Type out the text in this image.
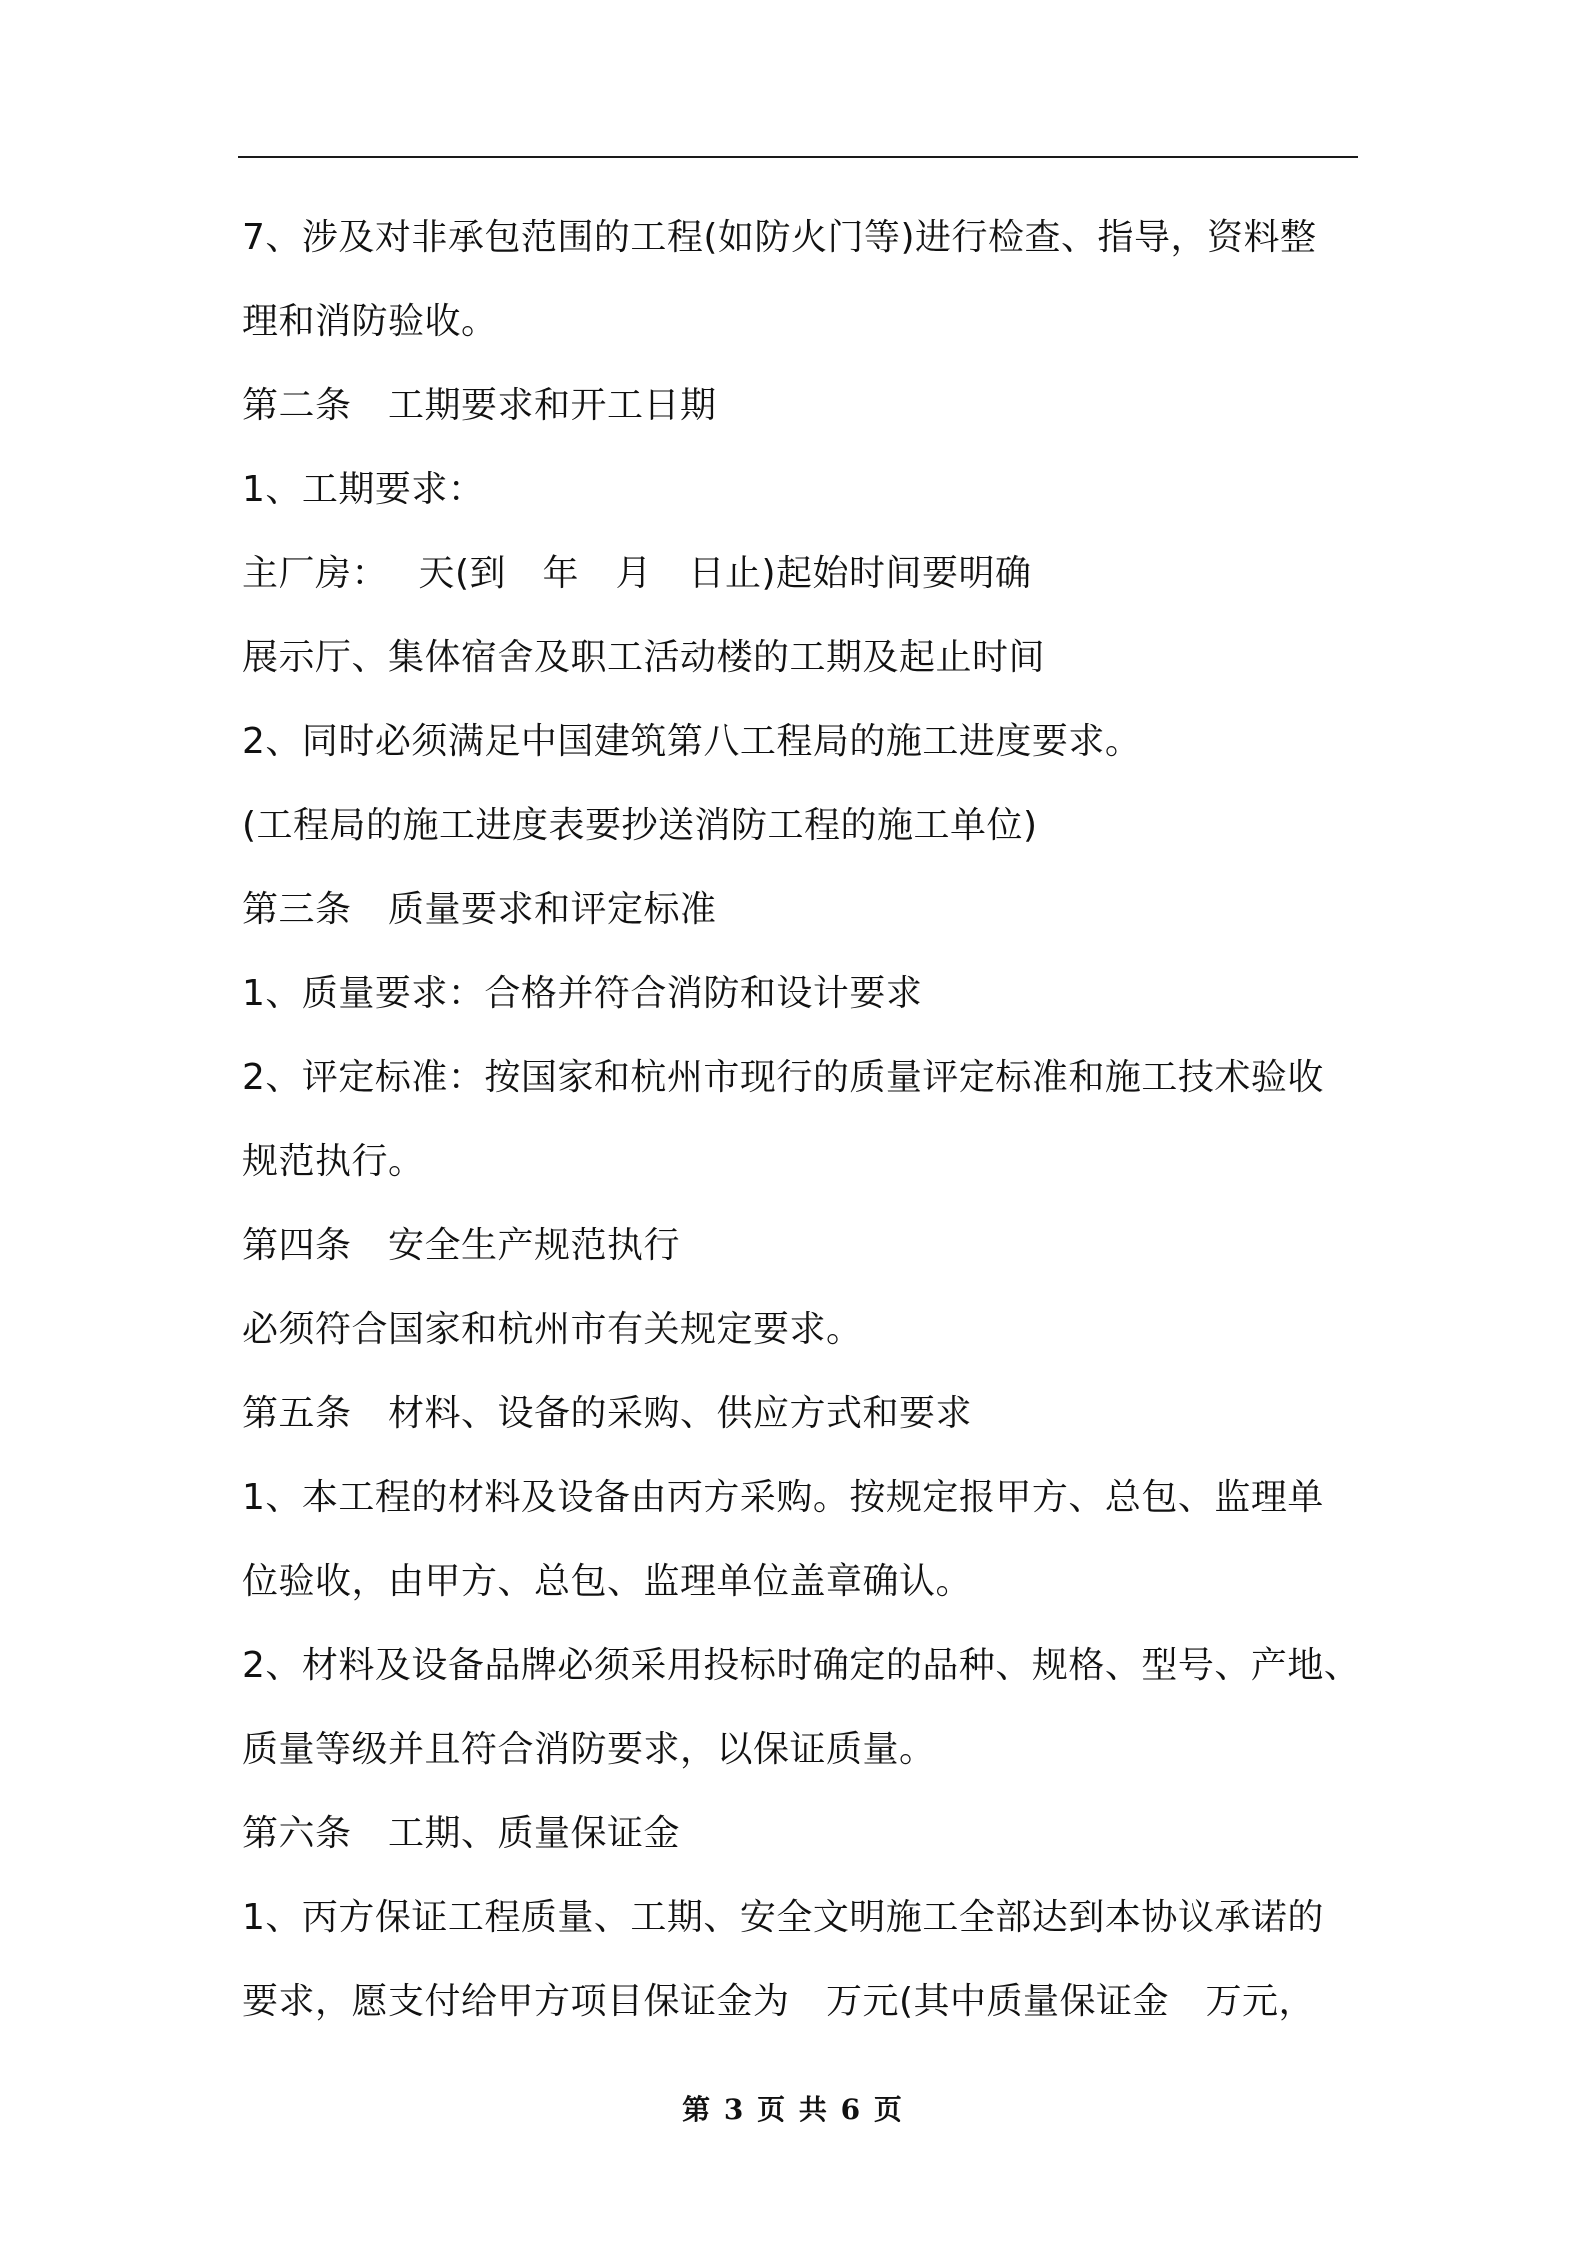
7、涉及对非承包范围的工程(如防火门等)进行检查、指导，资料整
理和消防验收。
第二条　工期要求和开工日期
1、工期要求：
主厂房：　 天(到　年　月　日止)起始时间要明确
展示厅、集体宿舍及职工活动楼的工期及起止时间
2、同时必须满足中国建筑第八工程局的施工进度要求。
(工程局的施工进度表要抄送消防工程的施工单位)
第三条　质量要求和评定标准
1、质量要求：合格并符合消防和设计要求
2、评定标准：按国家和杭州市现行的质量评定标准和施工技术验收
规范执行。
第四条　安全生产规范执行
必须符合国家和杭州市有关规定要求。
第五条　材料、设备的采购、供应方式和要求
1、本工程的材料及设备由丙方采购。按规定报甲方、总包、监理单
位验收，由甲方、总包、监理单位盖章确认。
2、材料及设备品牌必须采用投标时确定的品种、规格、型号、产地、
质量等级并且符合消防要求，以保证质量。
第六条　工期、质量保证金
1、丙方保证工程质量、工期、安全文明施工全部达到本协议承诺的
要求，愿支付给甲方项目保证金为　万元(其中质量保证金　万元，
第 3 页 共 6 页
